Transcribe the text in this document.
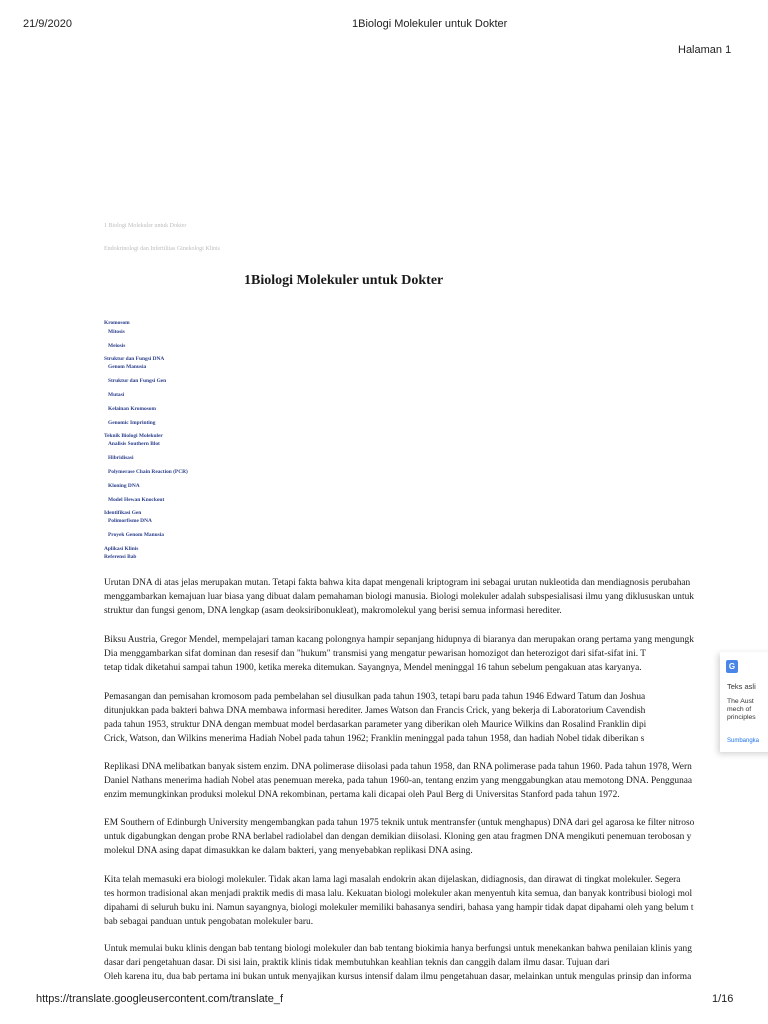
21/9/2020	1Biologi Molekuler untuk Dokter
Halaman 1
1 Biologi Molekuler untuk Dokter
Endokrinologi dan Infertilitas Ginekologi Klinis
1Biologi Molekuler untuk Dokter
Kromosom
Mitosis
Meiosis
Struktur dan Fungsi DNA
Genom Manusia
Struktur dan Fungsi Gen
Mutasi
Kelainan Kromosom
Genomic Imprinting
Teknik Biologi Molekuler
Analisis Southern Blot
Hibridisasi
Polymerase Chain Reaction (PCR)
Kloning DNA
Model Hewan Knockout
Identifikasi Gen
Polimorfisme DNA
Proyek Genom Manusia
Aplikasi Klinis
Referensi Bab
Urutan DNA di atas jelas merupakan mutan. Tetapi fakta bahwa kita dapat mengenali kriptogram ini sebagai urutan nukleotida dan mendiagnosis perubahan
menggambarkan kemajuan luar biasa yang dibuat dalam pemahaman biologi manusia. Biologi molekuler adalah subspesialisasi ilmu yang diklususkan untuk
struktur dan fungsi genom, DNA lengkap (asam deoksiribonukleat), makromolekul yang berisi semua informasi herediter.
Biksu Austria, Gregor Mendel, mempelajari taman kacang polongnya hampir sepanjang hidupnya di biaranya dan merupakan orang pertama yang mengungk
Dia menggambarkan sifat dominan dan resesif dan "hukum" transmisi yang mengatur pewarisan homozigot dan heterozigot dari sifat-sifat ini. T
tetap tidak diketahui sampai tahun 1900, ketika mereka ditemukan. Sayangnya, Mendel meninggal 16 tahun sebelum pengakuan atas karyanya.
Pemasangan dan pemisahan kromosom pada pembelahan sel diusulkan pada tahun 1903, tetapi baru pada tahun 1946 Edward Tatum dan Joshua
ditunjukkan pada bakteri bahwa DNA membawa informasi herediter. James Watson dan Francis Crick, yang bekerja di Laboratorium Cavendish
pada tahun 1953, struktur DNA dengan membuat model berdasarkan parameter yang diberikan oleh Maurice Wilkins dan Rosalind Franklin dipi
Crick, Watson, dan Wilkins menerima Hadiah Nobel pada tahun 1962; Franklin meninggal pada tahun 1958, dan hadiah Nobel tidak diberikan s
Replikasi DNA melibatkan banyak sistem enzim. DNA polimerase diisolasi pada tahun 1958, dan RNA polimerase pada tahun 1960. Pada tahun 1978, Wern
Daniel Nathans menerima hadiah Nobel atas penemuan mereka, pada tahun 1960-an, tentang enzim yang menggabungkan atau memotong DNA. Penggunaa
enzim memungkinkan produksi molekul DNA rekombinan, pertama kali dicapai oleh Paul Berg di Universitas Stanford pada tahun 1972.
EM Southern of Edinburgh University mengembangkan pada tahun 1975 teknik untuk mentransfer (untuk menghapus) DNA dari gel agarosa ke filter nitroso
untuk digabungkan dengan probe RNA berlabel radiolabel dan dengan demikian diisolasi. Kloning gen atau fragmen DNA mengikuti penemuan terobosan y
molekul DNA asing dapat dimasukkan ke dalam bakteri, yang menyebabkan replikasi DNA asing.
Kita telah memasuki era biologi molekuler. Tidak akan lama lagi masalah endokrin akan dijelaskan, didiagnosis, dan dirawat di tingkat molekuler. Segera
tes hormon tradisional akan menjadi praktik medis di masa lalu. Kekuatan biologi molekuler akan menyentuh kita semua, dan banyak kontribusi biologi mol
dipahami di seluruh buku ini. Namun sayangnya, biologi molekuler memiliki bahasanya sendiri, bahasa yang hampir tidak dapat dipahami oleh yang belum t
bab sebagai panduan untuk pengobatan molekuler baru.
Untuk memulai buku klinis dengan bab tentang biologi molekuler dan bab tentang biokimia hanya berfungsi untuk menekankan bahwa penilaian klinis yang
dasar dari pengetahuan dasar. Di sisi lain, praktik klinis tidak membutuhkan keahlian teknis dan canggih dalam ilmu dasar. Tujuan dari
Oleh karena itu, dua bab pertama ini bukan untuk menyajikan kursus intensif dalam ilmu pengetahuan dasar, melainkan untuk mengulas prinsip dan informa
G
Teks asli
The Aust
mech of
principles
Sumbangka
https://translate.googleusercontent.com/translate_f	1/16
